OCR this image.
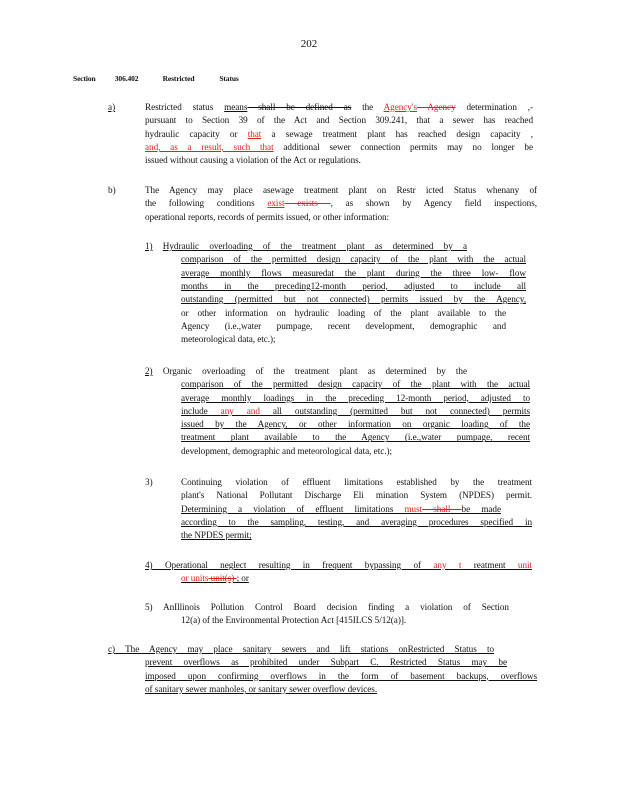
202
Section	306.402	Restricted	Status
a)	Restricted status means shall be defined as the Agency's Agency determination ,-
pursuant to Section 39 of the Act and Section 309.241, that a sewer has reached
hydraulic capacity or that a sewage treatment plant has reached design capacity ,
and, as a result, such that additional sewer connection permits may no longer be
issued without causing a violation of the Act or regulations.
b)	The Agency may place asewage treatment plant on Restr icted Status whenany of
the following conditions exist exists , as shown by Agency field inspections,
operational reports, records of permits issued, or other information:
1) Hydraulic overloading of the treatment plant as determined by a
comparison of the permitted design capacity of the plant with the actual
average monthly flows measuredat the plant during the three low- flow
months in the preceding12-month period, adjusted to include all
outstanding (permitted but not connected) permits issued by the Agency,
or other information on hydraulic loading of the plant available to the
Agency (i.e.,water pumpage, recent development, demographic and
meteorological data, etc.);
2) Organic overloading of the treatment plant as determined by the
comparison of the permitted design capacity of the plant with the actual
average monthly loadings in the preceding 12-month period, adjusted to
include any and all outstanding (permitted but not connected) permits
issued by the Agency, or other information on organic loading of the
treatment plant available to the Agency (i.e.,water pumpage, recent
development, demographic and meteorological data, etc.);
3)	Continuing violation of effluent limitations established by the treatment
plant's National Pollutant Discharge Eli mination System (NPDES) permit.
Determining a violation of effluent limitations must shall be made
according to the sampling, testing, and averaging procedures specified in
the NPDES permit;
4) Operational neglect resulting in frequent bypassing of any t reatment unit
or units unit(s) ; or
5) AnIllinois Pollution Control Board decision finding a violation of Section
12(a) of the Environmental Protection Act [415ILCS 5/12(a)].
c) The Agency may place sanitary sewers and lift stations onRestricted Status to
prevent overflows as prohibited under Subpart C. Restricted Status may be
imposed upon confirming overflows in the form of basement backups, overflows
of sanitary sewer manholes, or sanitary sewer overflow devices.
